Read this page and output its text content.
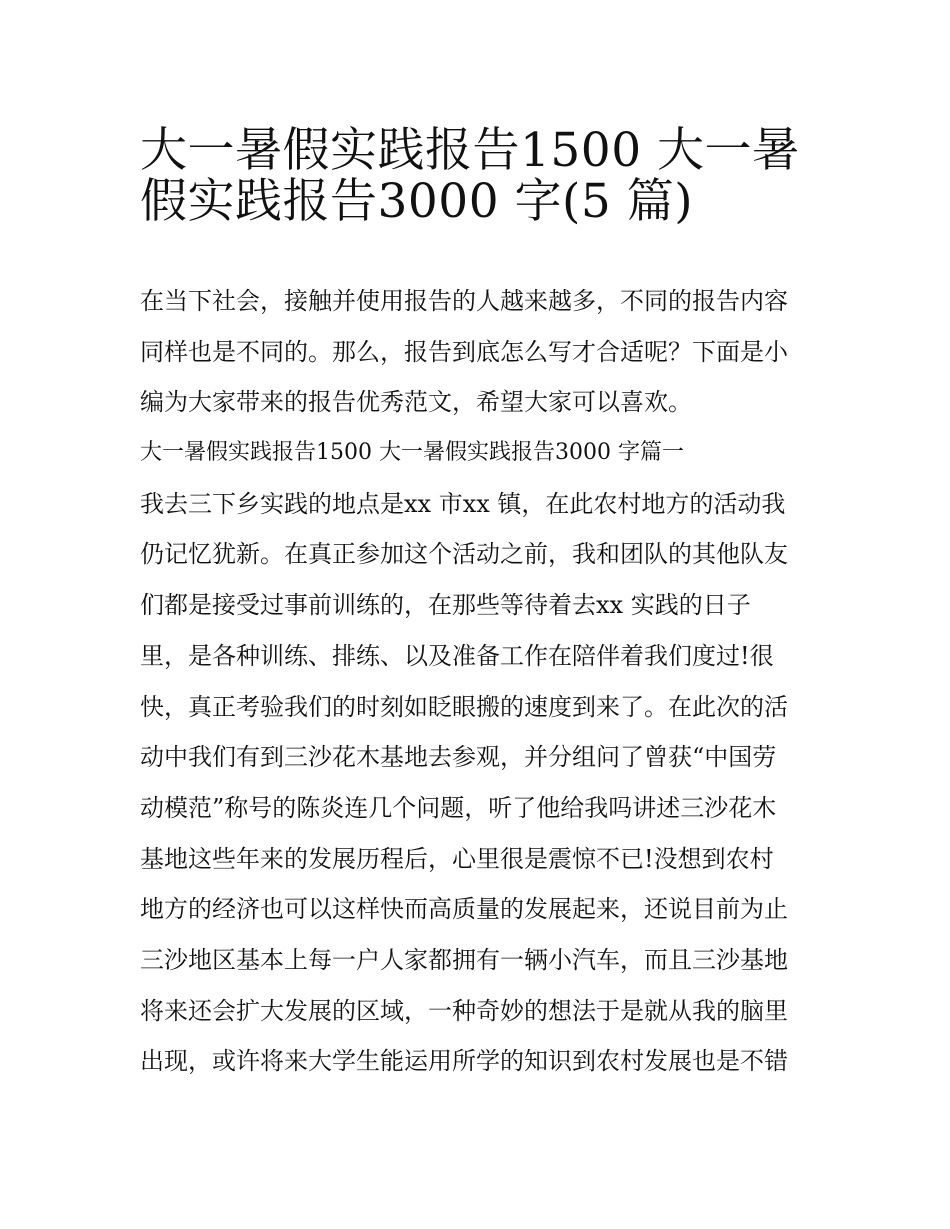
大一暑假实践报告1500 大一暑
假实践报告3000 字(5 篇)
在当下社会，接触并使用报告的人越来越多，不同的报告内容
同样也是不同的。那么，报告到底怎么写才合适呢？下面是小
编为大家带来的报告优秀范文，希望大家可以喜欢。
大一暑假实践报告1500 大一暑假实践报告3000 字篇一
我去三下乡实践的地点是xx 市xx 镇，在此农村地方的活动我
仍记忆犹新。在真正参加这个活动之前，我和团队的其他队友
们都是接受过事前训练的，在那些等待着去xx 实践的日子
里，是各种训练、排练、以及准备工作在陪伴着我们度过!很
快，真正考验我们的时刻如眨眼搬的速度到来了。在此次的活
动中我们有到三沙花木基地去参观，并分组问了曾获“中国劳
动模范”称号的陈炎连几个问题，听了他给我吗讲述三沙花木
基地这些年来的发展历程后，心里很是震惊不已!没想到农村
地方的经济也可以这样快而高质量的发展起来，还说目前为止
三沙地区基本上每一户人家都拥有一辆小汽车，而且三沙基地
将来还会扩大发展的区域，一种奇妙的想法于是就从我的脑里
出现，或许将来大学生能运用所学的知识到农村发展也是不错
